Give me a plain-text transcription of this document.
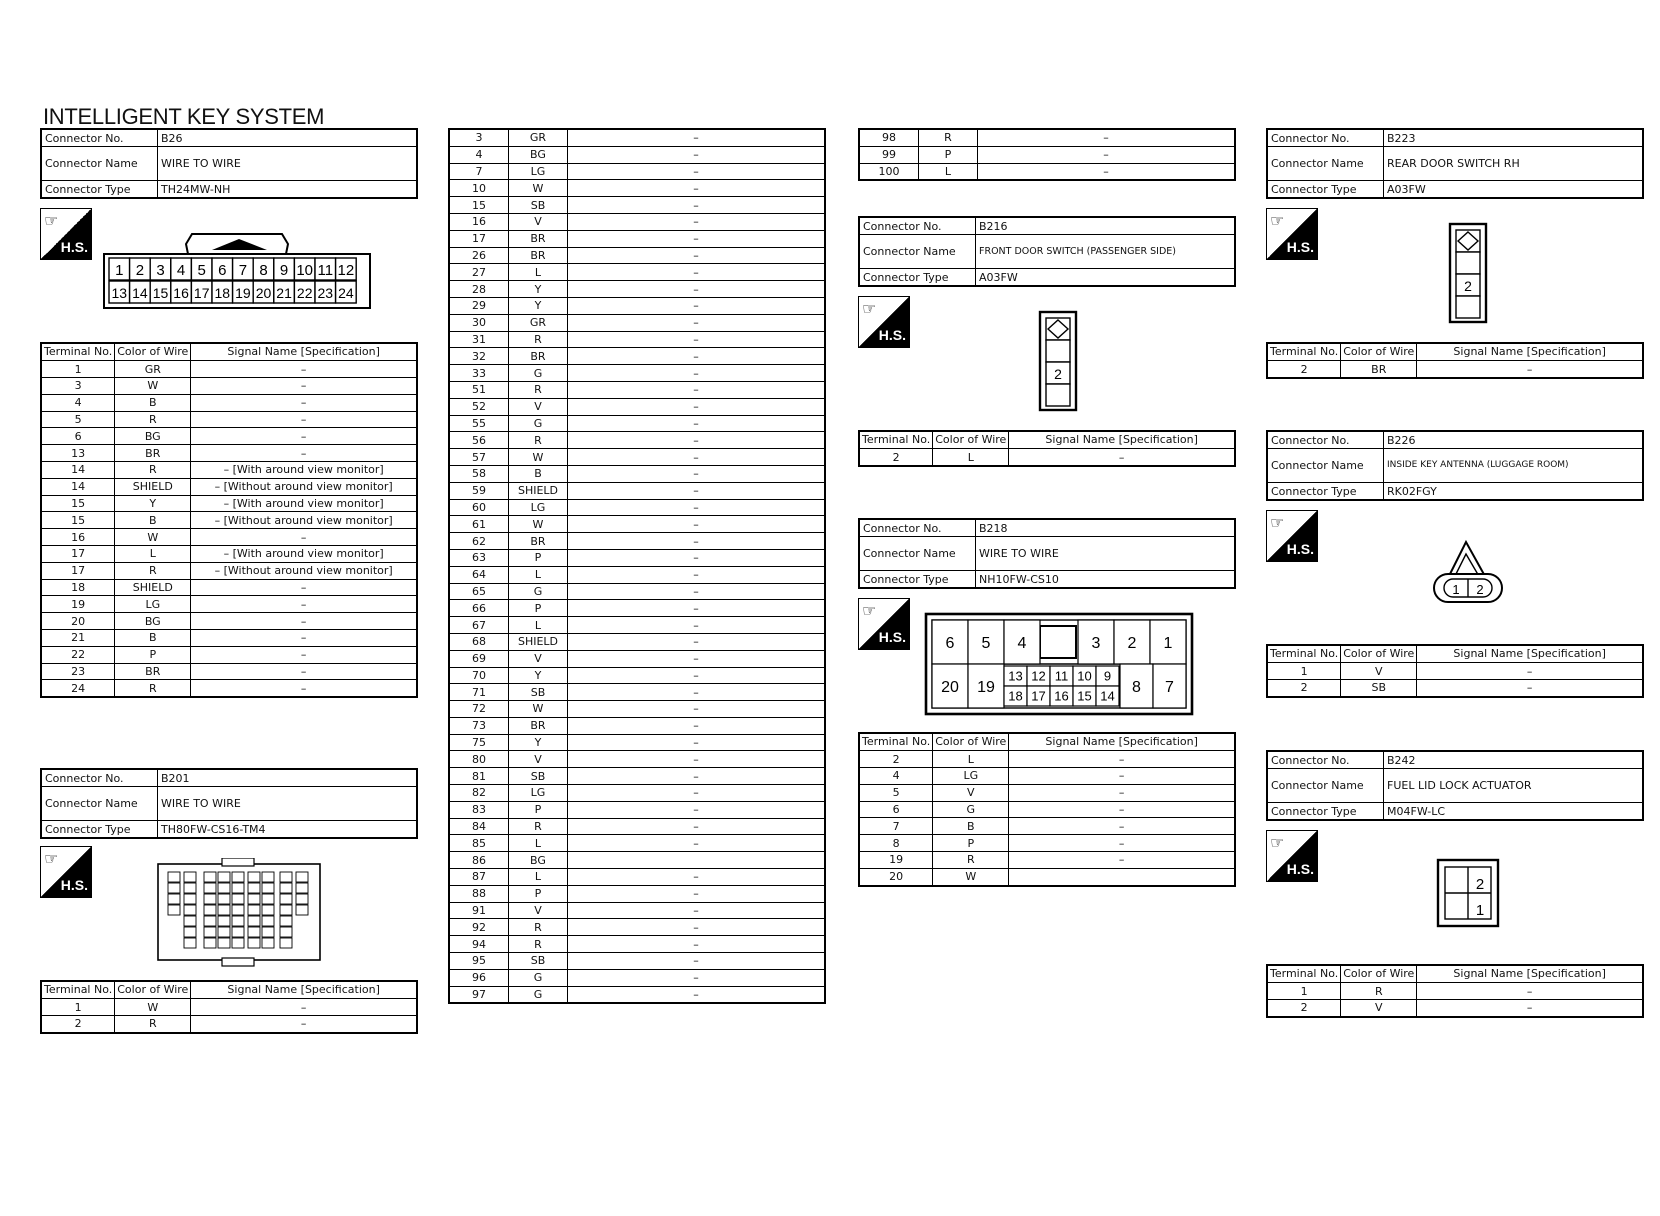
INTELLIGENT KEY SYSTEM
Connector No.	B26
Connector Name	WIRE TO WIRE
Connector Type	TH24MW-NH
☞
H.S.
1 2 3 4 5 6 7 8 9 10 11 12
13 14 15 16 17 18 19 20 21 22 23 24
Terminal No.	Color of Wire	Signal Name [Specification]
1	GR	–
3	W	–
4	B	–
5	R	–
6	BG	–
13	BR	–
14	R	– [With around view monitor]
14	SHIELD	– [Without around view monitor]
15	Y	– [With around view monitor]
15	B	– [Without around view monitor]
16	W	–
17	L	– [With around view monitor]
17	R	– [Without around view monitor]
18	SHIELD	–
19	LG	–
20	BG	–
21	B	–
22	P	–
23	BR	–
24	R	–
Connector No.	B201
Connector Name	WIRE TO WIRE
Connector Type	TH80FW-CS16-TM4
☞
H.S.
Terminal No.	Color of Wire	Signal Name [Specification]
1	W	–
2	R	–
3	GR	–
4	BG	–
7	LG	–
10	W	–
15	SB	–
16	V	–
17	BR	–
26	BR	–
27	L	–
28	Y	–
29	Y	–
30	GR	–
31	R	–
32	BR	–
33	G	–
51	R	–
52	V	–
55	G	–
56	R	–
57	W	–
58	B	–
59	SHIELD	–
60	LG	–
61	W	–
62	BR	–
63	P	–
64	L	–
65	G	–
66	P	–
67	L	–
68	SHIELD	–
69	V	–
70	Y	–
71	SB	–
72	W	–
73	BR	–
75	Y	–
80	V	–
81	SB	–
82	LG	–
83	P	–
84	R	–
85	L	–
86	BG	
87	L	–
88	P	–
91	V	–
92	R	–
94	R	–
95	SB	–
96	G	–
97	G	–
98	R	–
99	P	–
100	L	–
Connector No.	B216
Connector Name	FRONT DOOR SWITCH (PASSENGER SIDE)
Connector Type	A03FW
☞
H.S.
2
Terminal No.	Color of Wire	Signal Name [Specification]
2	L	–
Connector No.	B218
Connector Name	WIRE TO WIRE
Connector Type	NH10FW-CS10
☞
H.S. 6 5 4	3 2 1
20 19
13 12 11 10 9
18 17 16 15 14
8 7
Terminal No.	Color of Wire	Signal Name [Specification]
2	L	–
4	LG	–
5	V	–
6	G	–
7	B	–
8	P	–
19	R	–
20	W	
Connector No.	B223
Connector Name	REAR DOOR SWITCH RH
Connector Type	A03FW
☞
H.S.
2
Terminal No.	Color of Wire	Signal Name [Specification]
2	BR	–
Connector No.	B226
Connector Name	INSIDE KEY ANTENNA (LUGGAGE ROOM)
Connector Type	RK02FGY
☞
H.S.
1 2
Terminal No.	Color of Wire	Signal Name [Specification]
1	V	–
2	SB	–
Connector No.	B242
Connector Name	FUEL LID LOCK ACTUATOR
Connector Type	M04FW-LC
☞
H.S.
2
1
Terminal No.	Color of Wire	Signal Name [Specification]
1	R	–
2	V	–
